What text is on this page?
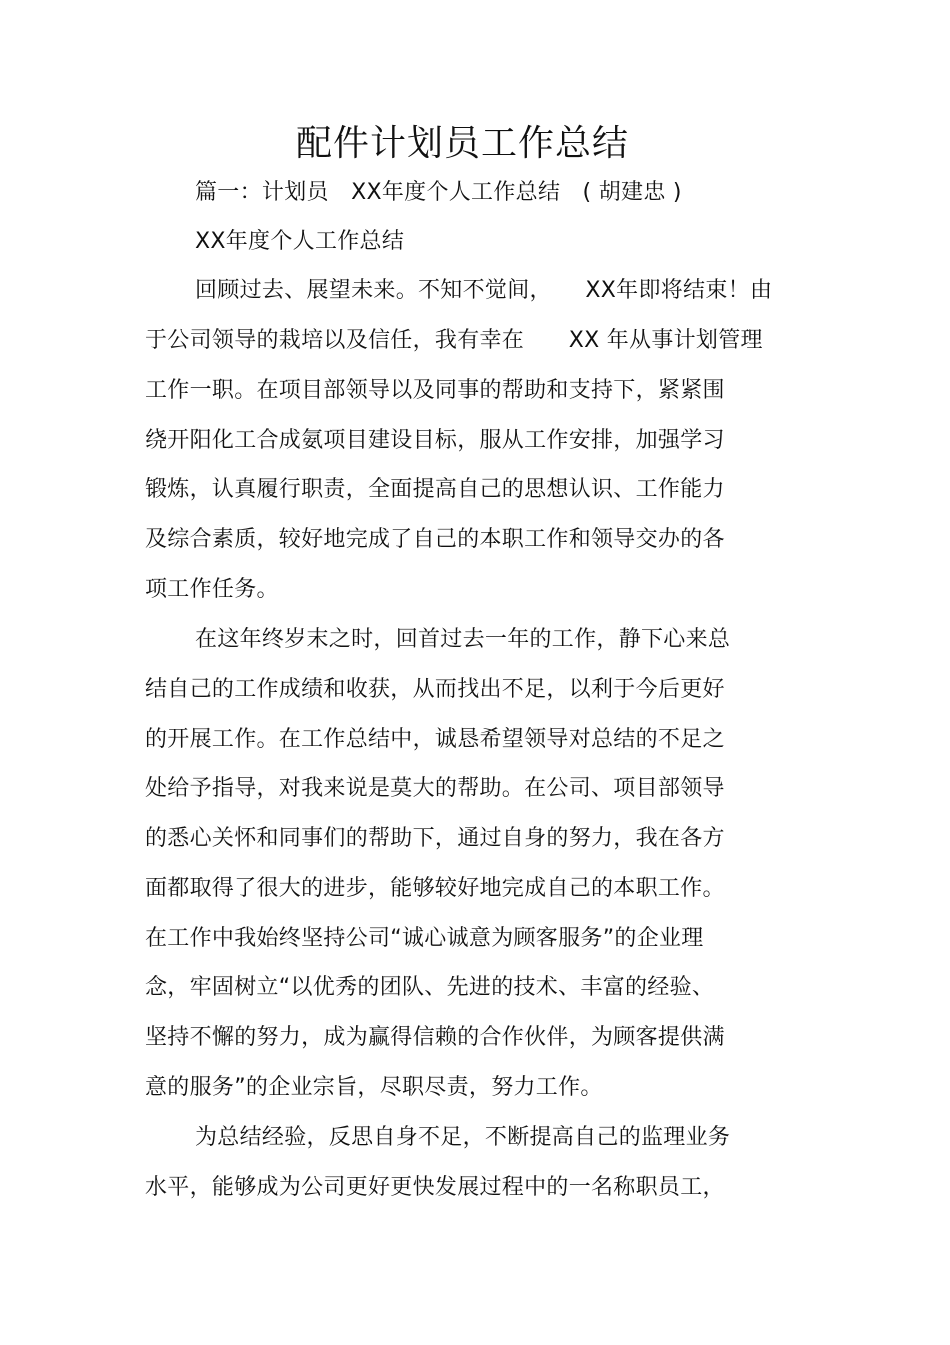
配件计划员工作总结

篇一：计划员　XX年度个人工作总结　( 胡建忠 )

XX年度个人工作总结

回顾过去、展望未来。不知不觉间，　　XX年即将结束！由

于公司领导的栽培以及信任，我有幸在　　XX 年从事计划管理

工作一职。在项目部领导以及同事的帮助和支持下，紧紧围

绕开阳化工合成氨项目建设目标，服从工作安排，加强学习

锻炼，认真履行职责，全面提高自己的思想认识、工作能力

及综合素质，较好地完成了自己的本职工作和领导交办的各

项工作任务。

在这年终岁末之时，回首过去一年的工作，静下心来总

结自己的工作成绩和收获，从而找出不足，以利于今后更好

的开展工作。在工作总结中，诚恳希望领导对总结的不足之

处给予指导，对我来说是莫大的帮助。在公司、项目部领导

的悉心关怀和同事们的帮助下，通过自身的努力，我在各方

面都取得了很大的进步，能够较好地完成自己的本职工作。

在工作中我始终坚持公司“诚心诚意为顾客服务”的企业理

念，牢固树立“以优秀的团队、先进的技术、丰富的经验、

坚持不懈的努力，成为赢得信赖的合作伙伴，为顾客提供满

意的服务”的企业宗旨，尽职尽责，努力工作。

为总结经验，反思自身不足，不断提高自己的监理业务

水平，能够成为公司更好更快发展过程中的一名称职员工，
